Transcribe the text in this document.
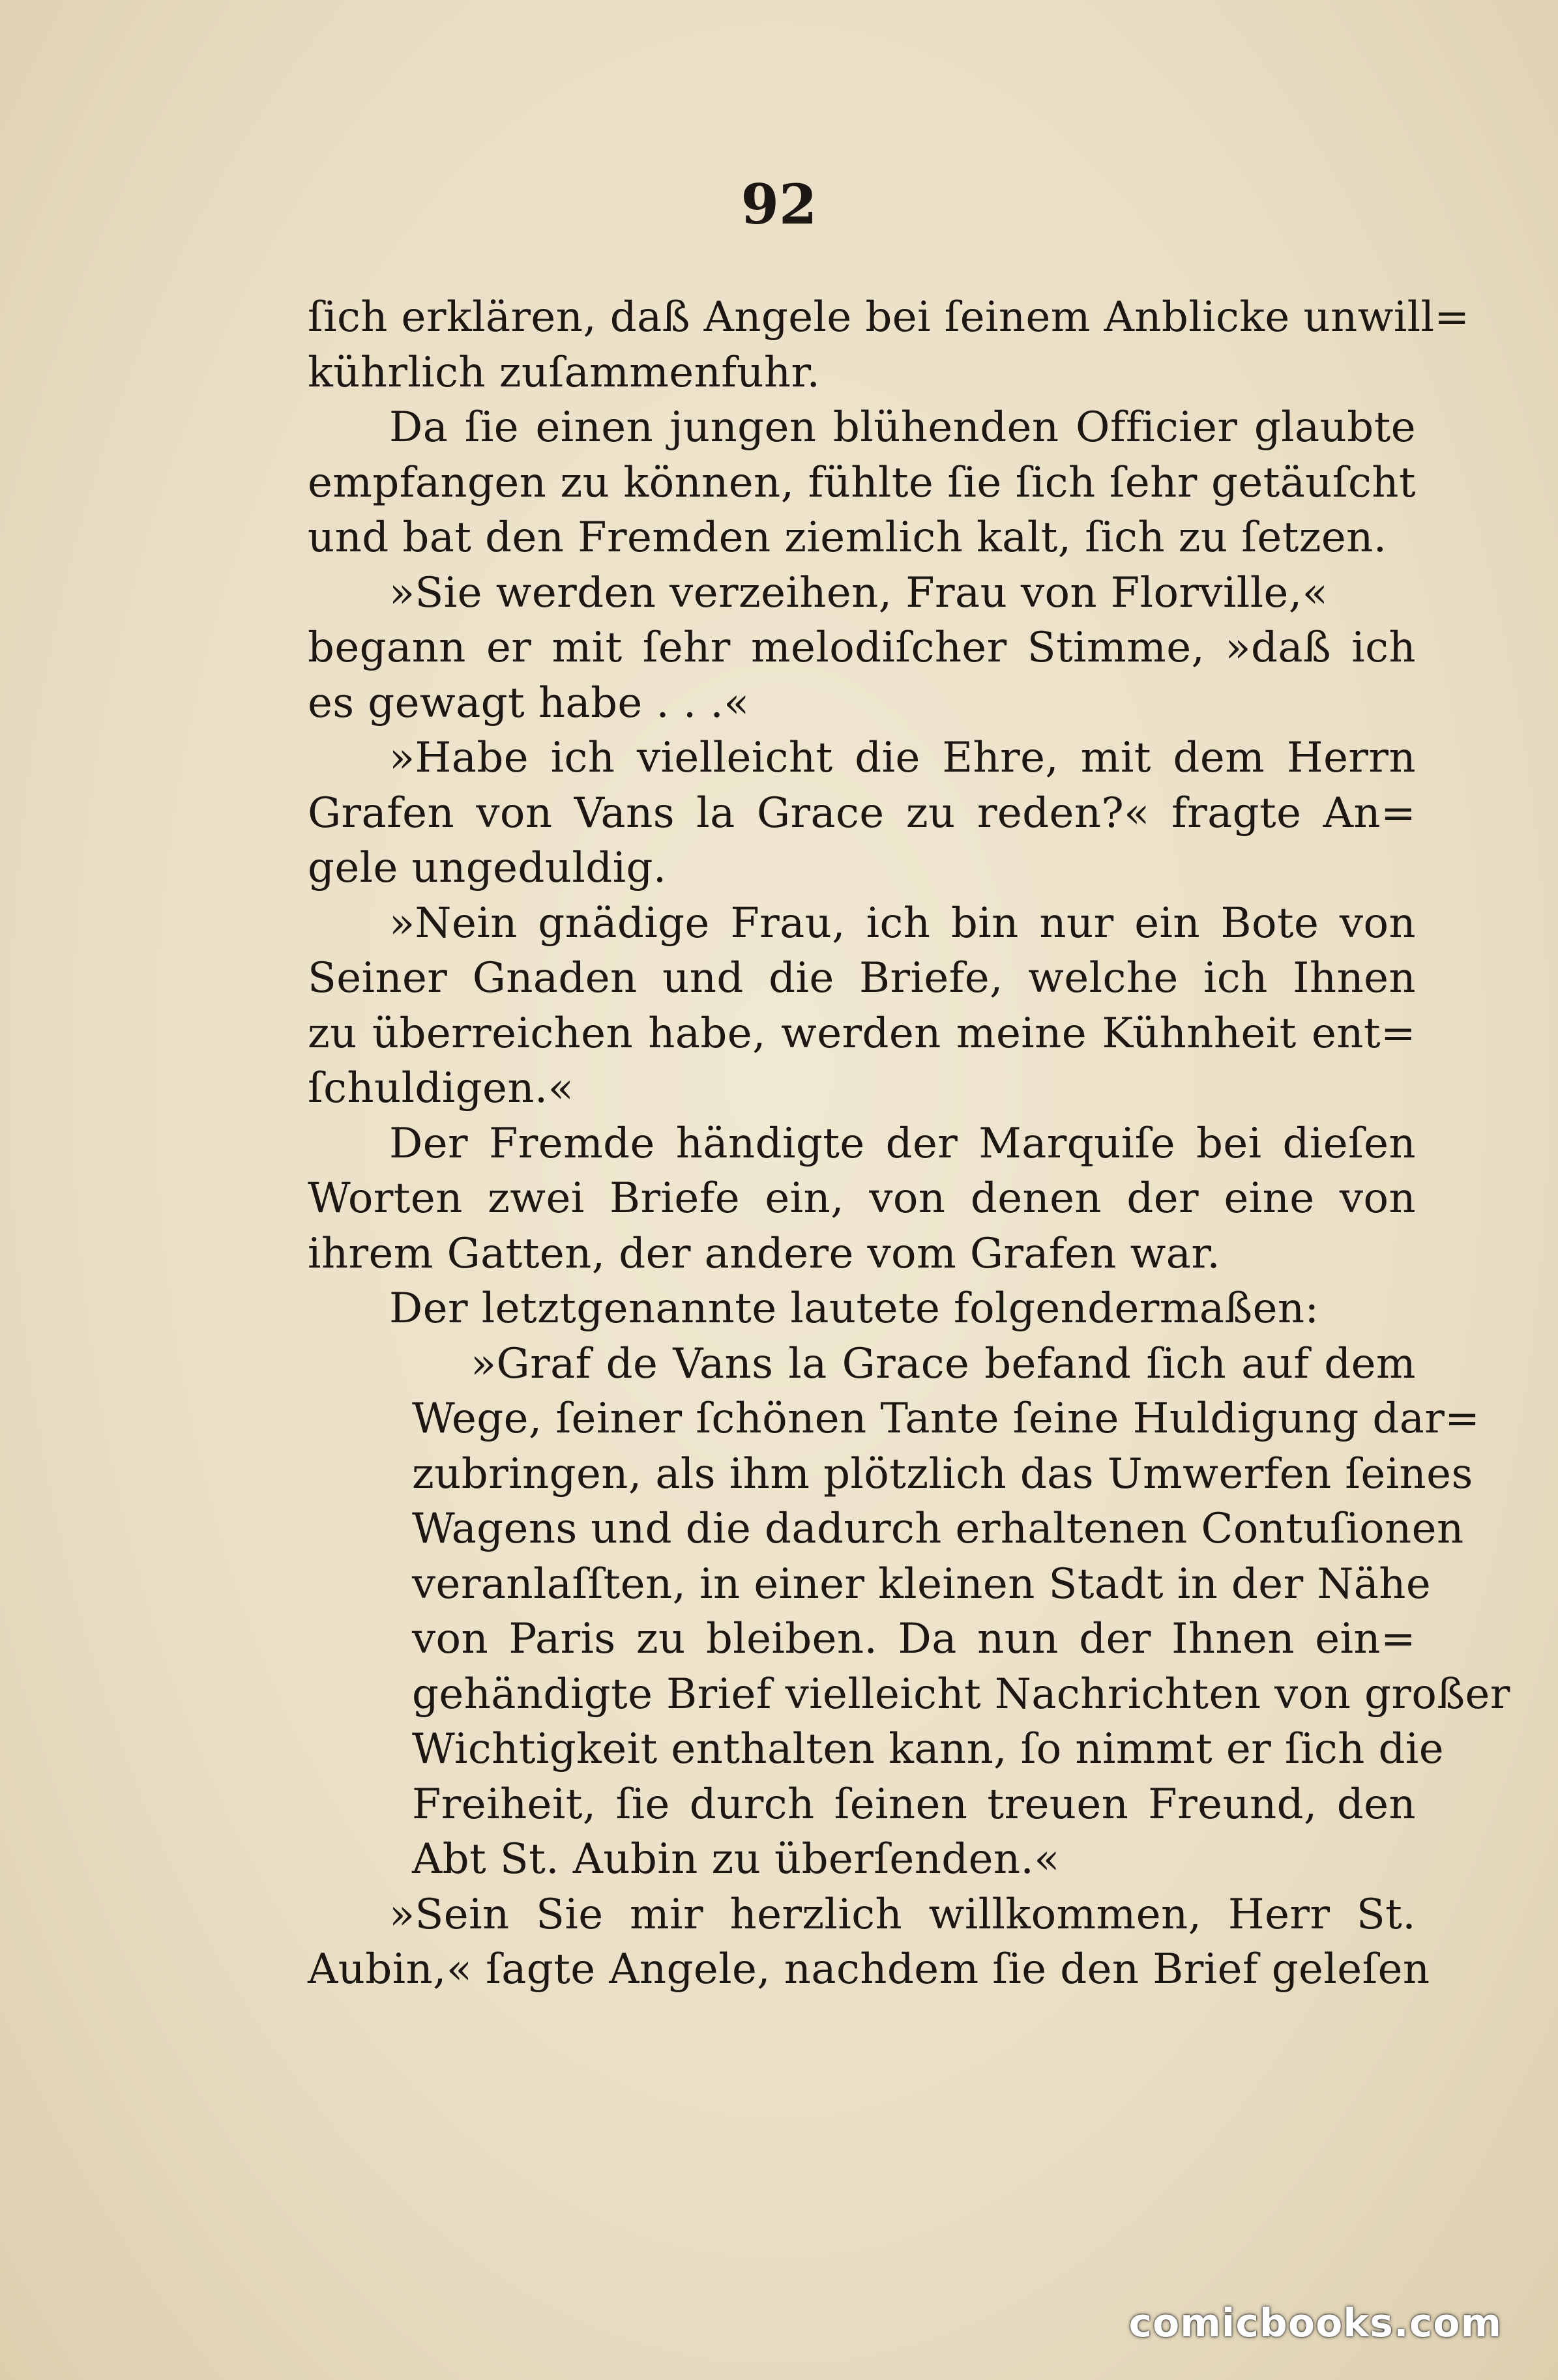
92
ſich erklären, daß Angele bei ſeinem Anblicke unwill=
kührlich zuſammenfuhr.
Da ſie einen jungen blühenden Officier glaubte
empfangen zu können, fühlte ſie ſich ſehr getäuſcht
und bat den Fremden ziemlich kalt, ſich zu ſetzen.
»Sie werden verzeihen, Frau von Florville,«
begann er mit ſehr melodiſcher Stimme, »daß ich
es gewagt habe . . .«
»Habe ich vielleicht die Ehre, mit dem Herrn
Grafen von Vans la Grace zu reden?« fragte An=
gele ungeduldig.
»Nein gnädige Frau, ich bin nur ein Bote von
Seiner Gnaden und die Briefe, welche ich Ihnen
zu überreichen habe, werden meine Kühnheit ent=
ſchuldigen.«
Der Fremde händigte der Marquiſe bei dieſen
Worten zwei Briefe ein, von denen der eine von
ihrem Gatten, der andere vom Grafen war.
Der letztgenannte lautete folgendermaßen:
»Graf de Vans la Grace befand ſich auf dem
Wege, ſeiner ſchönen Tante ſeine Huldigung dar=
zubringen, als ihm plötzlich das Umwerfen ſeines
Wagens und die dadurch erhaltenen Contuſionen
veranlaſſten, in einer kleinen Stadt in der Nähe
von Paris zu bleiben. Da nun der Ihnen ein=
gehändigte Brief vielleicht Nachrichten von großer
Wichtigkeit enthalten kann, ſo nimmt er ſich die
Freiheit, ſie durch ſeinen treuen Freund, den
Abt St. Aubin zu überſenden.«
»Sein Sie mir herzlich willkommen, Herr St.
Aubin,« ſagte Angele, nachdem ſie den Brief geleſen
comicbooks.com
